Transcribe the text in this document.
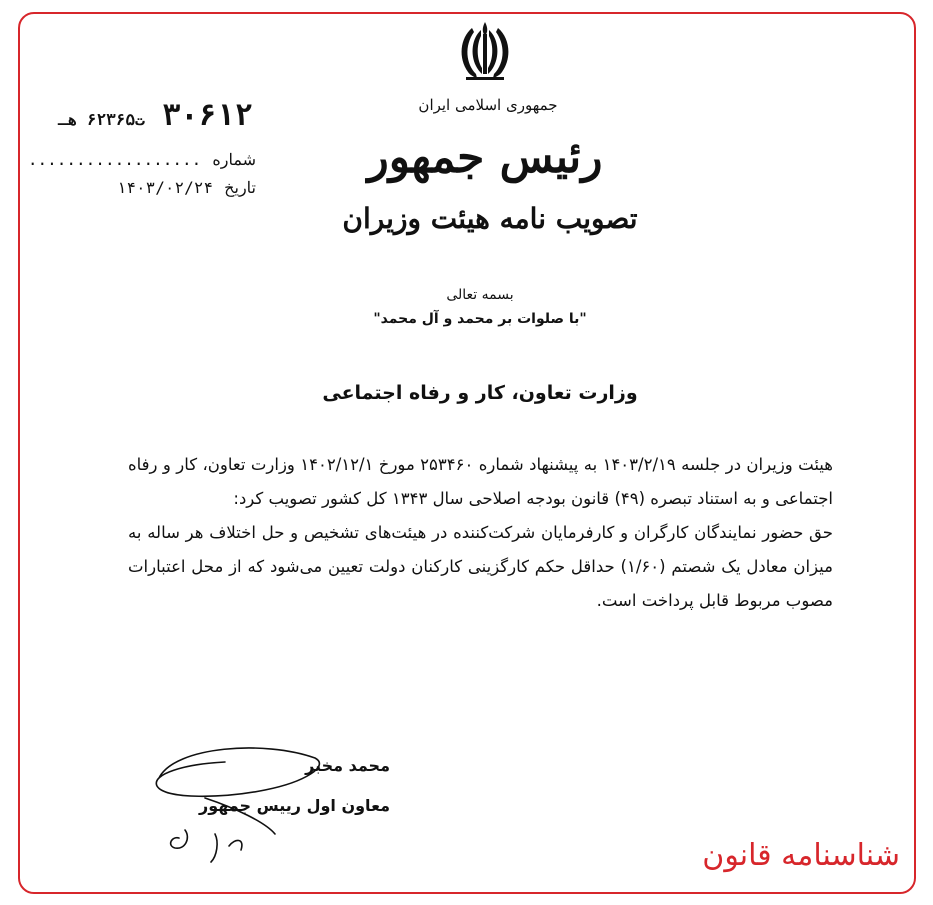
جمهوری اسلامی ایران
رئیس جمهور
تصویب نامه هیئت وزیران
۳۰۶۱۲ ت۶۲۳۶۵ هـ
شماره ..................
تاریخ ۱۴۰۳/۰۲/۲۴
بسمه تعالی
"با صلوات بر محمد و آل محمد"
وزارت تعاون، کار و رفاه اجتماعی

هیئت وزیران در جلسه ۱۴۰۳/۲/۱۹ به پیشنهاد شماره ۲۵۳۴۶۰ مورخ ۱۴۰۲/۱۲/۱ وزارت تعاون، کار و رفاه اجتماعی و به استناد تبصره (۴۹) قانون بودجه اصلاحی سال ۱۳۴۳ کل کشور تصویب کرد:

حق حضور نمایندگان کارگران و کارفرمایان شرکت‌کننده در هیئت‌های تشخیص و حل اختلاف هر ساله به میزان معادل یک شصتم (۱/۶۰) حداقل حکم کارگزینی کارکنان دولت تعیین می‌شود که از محل اعتبارات مصوب مربوط قابل پرداخت است.

محمد مخبر
معاون اول رییس جمهور
شناسنامه قانون
